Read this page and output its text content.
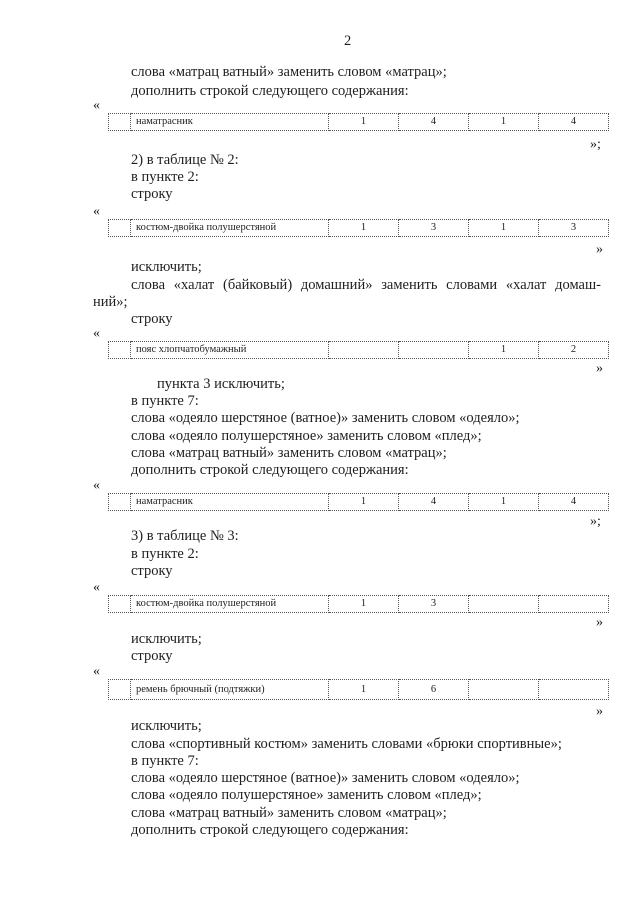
2
слова «матрац ватный» заменить словом «матрац»;
дополнить строкой следующего содержания:
«
	наматрасник	1	4	1	4
»;
2) в таблице № 2:
в пункте 2:
строку
«
	костюм-двойка полушерстяной	1	3	1	3
»
исключить;
слова «халат (байковый) домашний» заменить словами «халат домаш-
ний»;
строку
«
	пояс хлопчатобумажный			1	2
»
пункта 3 исключить;
в пункте 7:
слова «одеяло шерстяное (ватное)» заменить словом «одеяло»;
слова «одеяло полушерстяное» заменить словом «плед»;
слова «матрац ватный» заменить словом «матрац»;
дополнить строкой следующего содержания:
«
	наматрасник	1	4	1	4
»;
3) в таблице № 3:
в пункте 2:
строку
«
	костюм-двойка полушерстяной	1	3		
»
исключить;
строку
«
	ремень брючный (подтяжки)	1	6		
»
исключить;
слова «спортивный костюм» заменить словами «брюки спортивные»;
в пункте 7:
слова «одеяло шерстяное (ватное)» заменить словом «одеяло»;
слова «одеяло полушерстяное» заменить словом «плед»;
слова «матрац ватный» заменить словом «матрац»;
дополнить строкой следующего содержания:
